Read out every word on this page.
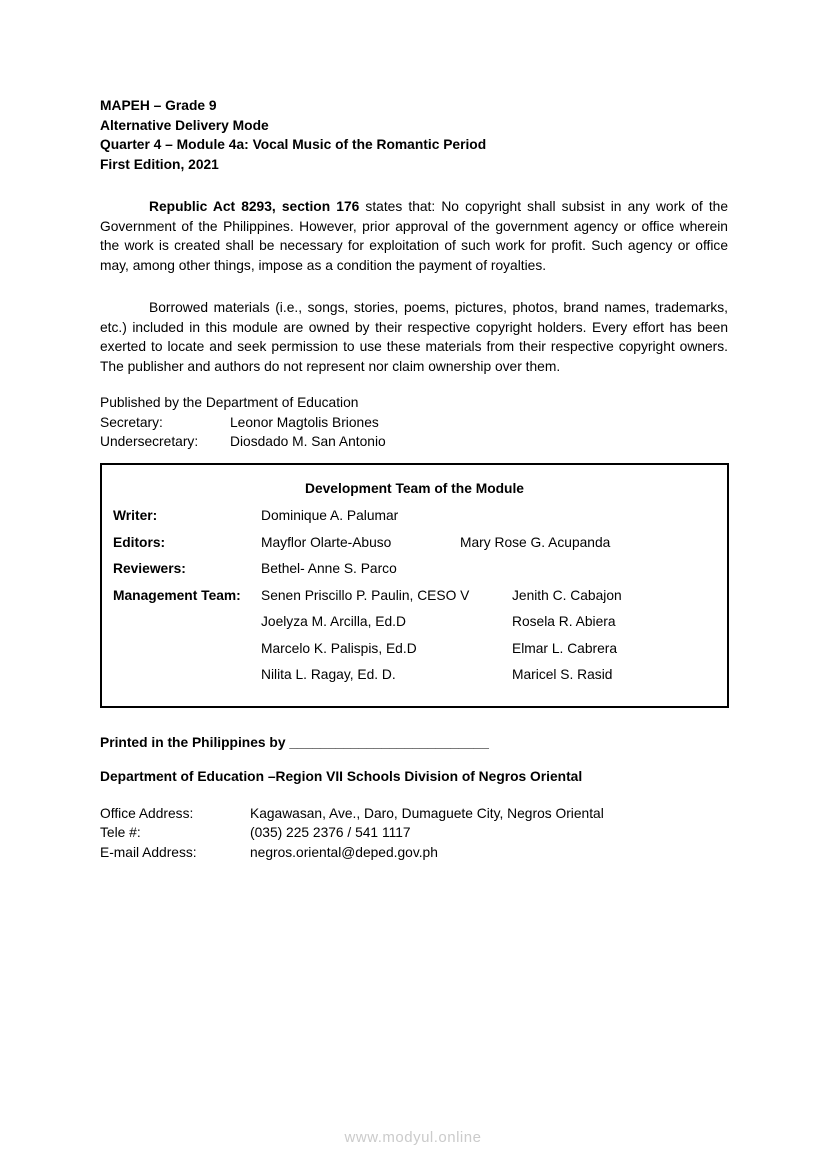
MAPEH – Grade 9
Alternative Delivery Mode
Quarter 4 – Module 4a: Vocal Music of the Romantic Period
First Edition, 2021

Republic Act 8293, section 176 states that: No copyright shall subsist in any work of the Government of the Philippines. However, prior approval of the government agency or office wherein the work is created shall be necessary for exploitation of such work for profit. Such agency or office may, among other things, impose as a condition the payment of royalties.

Borrowed materials (i.e., songs, stories, poems, pictures, photos, brand names, trademarks, etc.) included in this module are owned by their respective copyright holders. Every effort has been exerted to locate and seek permission to use these materials from their respective copyright owners. The publisher and authors do not represent nor claim ownership over them.

Published by the Department of Education
Secretary:	Leonor Magtolis Briones
Undersecretary:	Diosdado M. San Antonio

Development Team of the Module

Writer:	Dominique A. Palumar
Editors:	Mayflor Olarte-Abuso	Mary Rose G. Acupanda
Reviewers:	Bethel- Anne S. Parco
Management Team:	Senen Priscillo P. Paulin, CESO V	Jenith C. Cabajon
Joelyza M. Arcilla, Ed.D	Rosela R. Abiera
Marcelo K. Palispis, Ed.D	Elmar L. Cabrera
Nilita L. Ragay, Ed. D.	Maricel S. Rasid
Printed in the Philippines by __________________________
Department of Education –Region VII Schools Division of Negros Oriental
Office Address:	Kagawasan, Ave., Daro, Dumaguete City, Negros Oriental
Tele #:	(035) 225 2376 / 541 1117
E-mail Address:	negros.oriental@deped.gov.ph
www.modyul.online
